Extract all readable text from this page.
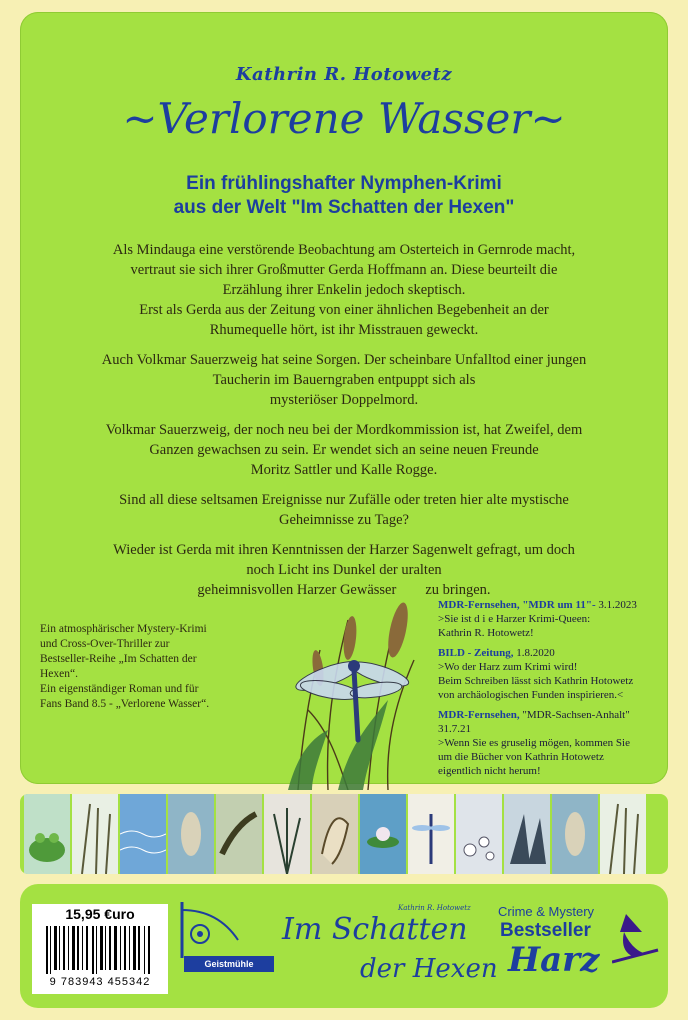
Kathrin R. Hotowetz
~Verlorene Wasser~
Ein frühlingshafter Nymphen-Krimi
aus der Welt "Im Schatten der Hexen"

Als Mindauga eine verstörende Beobachtung am Osterteich in Gernrode macht,
vertraut sie sich ihrer Großmutter Gerda Hoffmann an. Diese beurteilt die
Erzählung ihrer Enkelin jedoch skeptisch.
Erst als Gerda aus der Zeitung von einer ähnlichen Begebenheit an der
Rhumequelle hört, ist ihr Misstrauen geweckt.

Auch Volkmar Sauerzweig hat seine Sorgen. Der scheinbare Unfalltod einer jungen
Taucherin im Bauerngraben entpuppt sich als
mysteriöser Doppelmord.

Volkmar Sauerzweig, der noch neu bei der Mordkommission ist, hat Zweifel, dem
Ganzen gewachsen zu sein. Er wendet sich an seine neuen Freunde
Moritz Sattler und Kalle Rogge.

Sind all diese seltsamen Ereignisse nur Zufälle oder treten hier alte mystische
Geheimnisse zu Tage?

Wieder ist Gerda mit ihren Kenntnissen der Harzer Sagenwelt gefragt, um doch
noch Licht ins Dunkel der uralten
geheimnisvollen Harzer Gewässer zu bringen.

Ein atmosphärischer Mystery-Krimi
und Cross-Over-Thriller zur
Bestseller-Reihe „Im Schatten der
Hexen“.
Ein eigenständiger Roman und für
Fans Band 8.5 - „Verlorene Wasser“.
MDR-Fernsehen, "MDR um 11"- 3.1.2023
>Sie ist d i e Harzer Krimi-Queen:
Kathrin R. Hotowetz!
BILD - Zeitung, 1.8.2020
>Wo der Harz zum Krimi wird!
Beim Schreiben lässt sich Kathrin Hotowetz
von archäologischen Funden inspirieren.<
MDR-Fernsehen, "MDR-Sachsen-Anhalt" 31.7.21
>Wenn Sie es gruselig mögen, kommen Sie
um die Bücher von Kathrin Hotowetz
eigentlich nicht herum!
15,95 €uro
9 783943 455342
Geistmühle
Kathrin R. Hotowetz
Im Schatten
der Hexen
Crime & Mystery
Bestseller
Harz
